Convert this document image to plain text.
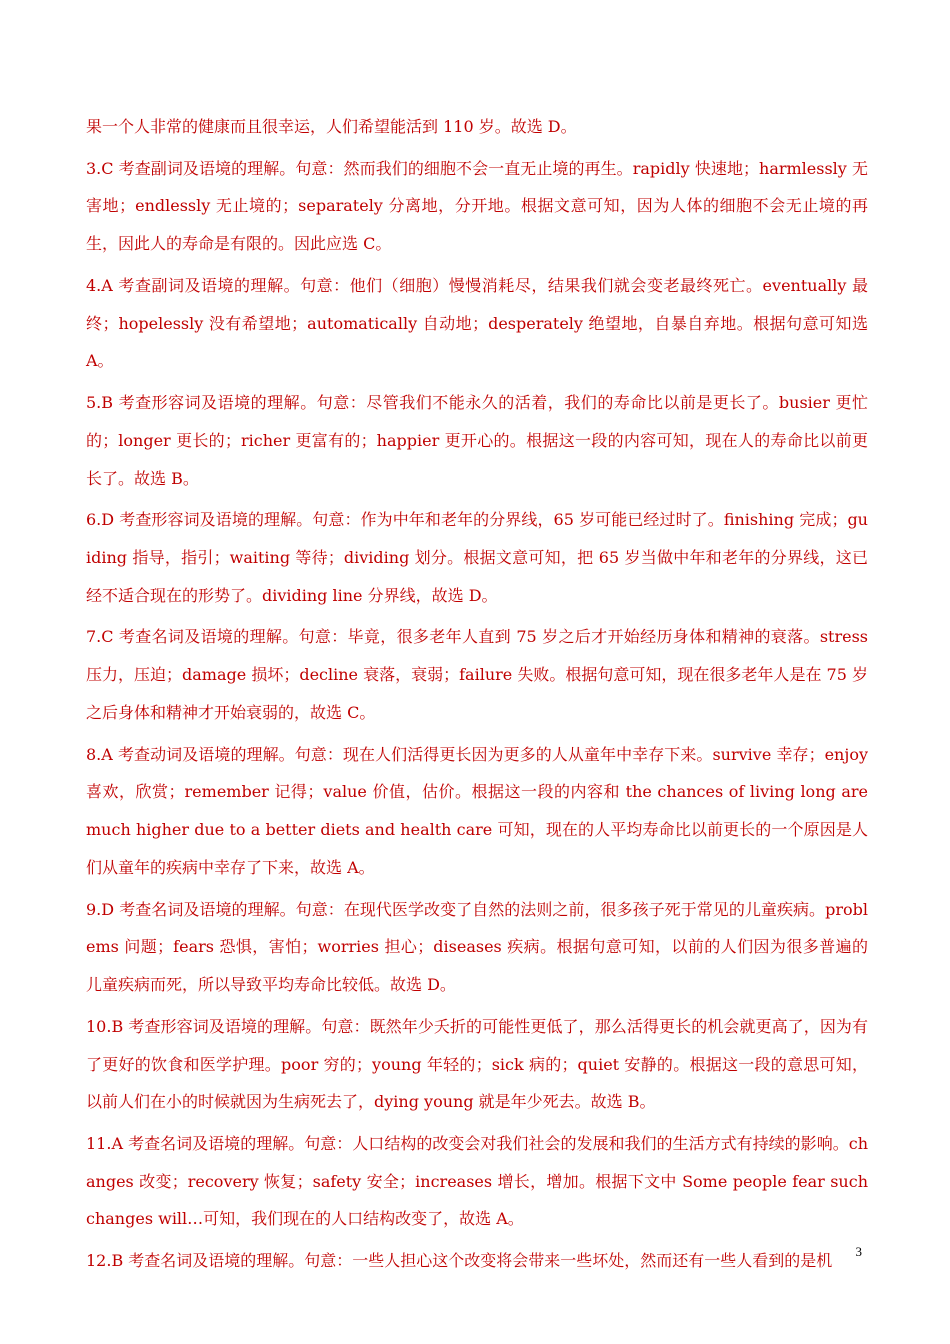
果一个人非常的健康而且很幸运，人们希望能活到 110 岁。故选 D。

3.C 考查副词及语境的理解。句意：然而我们的细胞不会一直无止境的再生。rapidly 快速地；harmlessly 无害地；endlessly 无止境的；separately 分离地，分开地。根据文意可知，因为人体的细胞不会无止境的再生，因此人的寿命是有限的。因此应选 C。

4.A 考查副词及语境的理解。句意：他们（细胞）慢慢消耗尽，结果我们就会变老最终死亡。eventually 最终；hopelessly 没有希望地；automatically 自动地；desperately 绝望地，自暴自弃地。根据句意可知选 A。

5.B 考查形容词及语境的理解。句意：尽管我们不能永久的活着，我们的寿命比以前是更长了。busier 更忙的；longer 更长的；richer 更富有的；happier 更开心的。根据这一段的内容可知，现在人的寿命比以前更长了。故选 B。

6.D 考查形容词及语境的理解。句意：作为中年和老年的分界线，65 岁可能已经过时了。finishing 完成；guiding 指导，指引；waiting 等待；dividing 划分。根据文意可知，把 65 岁当做中年和老年的分界线，这已经不适合现在的形势了。dividing line 分界线，故选 D。

7.C 考查名词及语境的理解。句意：毕竟，很多老年人直到 75 岁之后才开始经历身体和精神的衰落。stress 压力，压迫；damage 损坏；decline 衰落，衰弱；failure 失败。根据句意可知，现在很多老年人是在 75 岁之后身体和精神才开始衰弱的，故选 C。

8.A 考查动词及语境的理解。句意：现在人们活得更长因为更多的人从童年中幸存下来。survive 幸存；enjoy 喜欢，欣赏；remember 记得；value 价值，估价。根据这一段的内容和 the chances of living long are much higher due to a better diets and health care 可知，现在的人平均寿命比以前更长的一个原因是人们从童年的疾病中幸存了下来，故选 A。

9.D 考查名词及语境的理解。句意：在现代医学改变了自然的法则之前，很多孩子死于常见的儿童疾病。problems 问题；fears 恐惧，害怕；worries 担心；diseases 疾病。根据句意可知，以前的人们因为很多普遍的儿童疾病而死，所以导致平均寿命比较低。故选 D。

10.B 考查形容词及语境的理解。句意：既然年少夭折的可能性更低了，那么活得更长的机会就更高了，因为有了更好的饮食和医学护理。poor 穷的；young 年轻的；sick 病的；quiet 安静的。根据这一段的意思可知，以前人们在小的时候就因为生病死去了，dying young 就是年少死去。故选 B。

11.A 考查名词及语境的理解。句意：人口结构的改变会对我们社会的发展和我们的生活方式有持续的影响。changes 改变；recovery 恢复；safety 安全；increases 增长，增加。根据下文中 Some people fear such changes will…可知，我们现在的人口结构改变了，故选 A。

12.B 考查名词及语境的理解。句意：一些人担心这个改变将会带来一些坏处，然而还有一些人看到的是机	3
